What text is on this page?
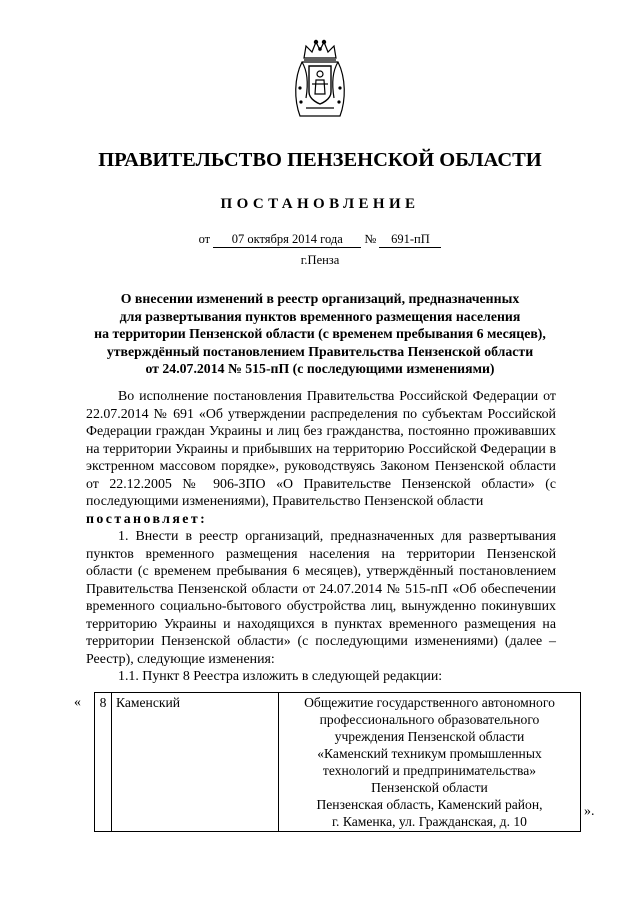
ПРАВИТЕЛЬСТВО ПЕНЗЕНСКОЙ ОБЛАСТИ
ПОСТАНОВЛЕНИЕ
от 07 октября 2014 года № 691-пП
г.Пенза
О внесении изменений в реестр организаций, предназначенных
для развертывания пунктов временного размещения населения
на территории Пензенской области (с временем пребывания 6 месяцев),
утверждённый постановлением Правительства Пензенской области
от 24.07.2014 № 515-пП (с последующими изменениями)

Во исполнение постановления Правительства Российской Федерации от 22.07.2014 № 691 «Об утверждении распределения по субъектам Российской Федерации граждан Украины и лиц без гражданства, постоянно проживавших на территории Украины и прибывших на территорию Российской Федерации в экстренном массовом порядке», руководствуясь Законом Пензенской области от 22.12.2005 № 906-ЗПО «О Правительстве Пензенской области» (с последующими изменениями), Правительство Пензенской области

постановляет:

1. Внести в реестр организаций, предназначенных для развертывания пунктов временного размещения населения на территории Пензенской области (с временем пребывания 6 месяцев), утверждённый постановлением Правительства Пензенской области от 24.07.2014 № 515-пП «Об обеспечении временного социально-бытового обустройства лиц, вынужденно покинувших территорию Украины и находящихся в пунктах временного размещения на территории Пензенской области» (с последующими изменениями) (далее – Реестр), следующие изменения:

1.1. Пункт 8 Реестра изложить в следующей редакции:

« 8	Каменский	Общежитие государственного автономного
профессионального образовательного
учреждения Пензенской области
«Каменский техникум промышленных
технологий и предпринимательства»
Пензенской области
Пензенская область, Каменский район,
г. Каменка, ул. Гражданская, д. 10
».
